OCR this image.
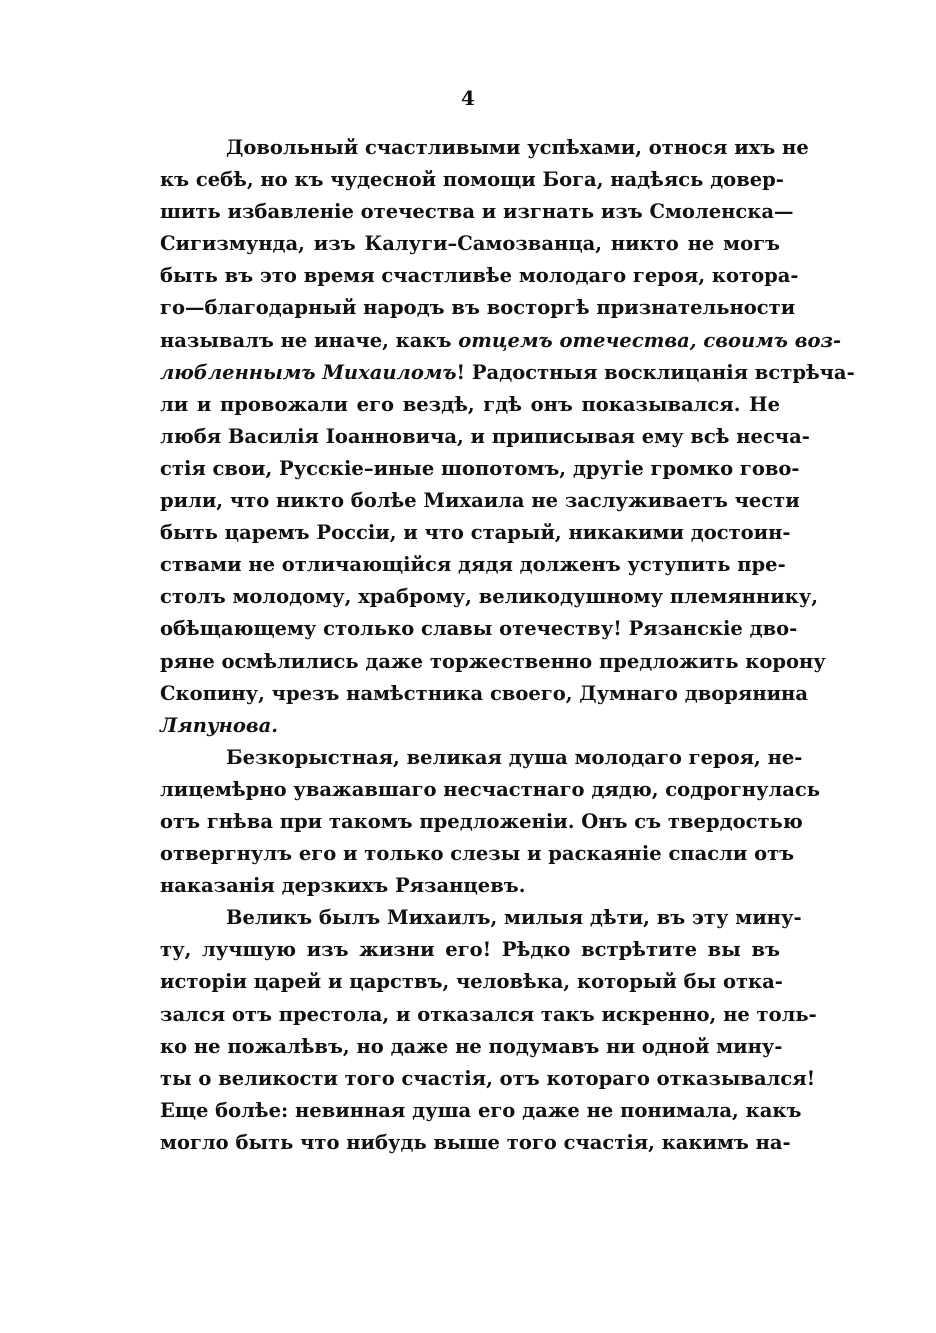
4
Довольный счастливыми успѣхами, относя ихъ не
къ себѣ, но къ чудесной помощи Бога, надѣясь довер-
шить избавленіе отечества и изгнать изъ Смоленска—
Сигизмунда, изъ Калуги–Самозванца, никто не могъ
быть въ это время счастливѣе молодаго героя, котора-
го—благодарный народъ въ восторгѣ признательности
называлъ не иначе, какъ отцемъ отечества, своимъ воз-
любленнымъ Михаиломъ! Радостныя восклицанія встрѣча-
ли и провожали его вездѣ, гдѣ онъ показывался. Не
любя Василія Іоанновича, и приписывая ему всѣ несча-
стія свои, Русскіе–иные шопотомъ, другіе громко гово-
рили, что никто болѣе Михаила не заслуживаетъ чести
быть царемъ Россіи, и что старый, никакими достоин-
ствами не отличающійся дядя долженъ уступить пре-
столъ молодому, храброму, великодушному племяннику,
обѣщающему столько славы отечеству! Рязанскіе дво-
ряне осмѣлились даже торжественно предложить корону
Скопину, чрезъ намѣстника своего, Думнаго дворянина
Ляпунова.
Безкорыстная, великая душа молодаго героя, не-
лицемѣрно уважавшаго несчастнаго дядю, содрогнулась
отъ гнѣва при такомъ предложеніи. Онъ съ твердостью
отвергнулъ его и только слезы и раскаяніе спасли отъ
наказанія дерзкихъ Рязанцевъ.
Великъ былъ Михаилъ, милыя дѣти, въ эту мину-
ту, лучшую изъ жизни его! Рѣдко встрѣтите вы въ
исторіи царей и царствъ, человѣка, который бы отка-
зался отъ престола, и отказался такъ искренно, не толь-
ко не пожалѣвъ, но даже не подумавъ ни одной мину-
ты о великости того счастія, отъ котораго отказывался!
Еще болѣе: невинная душа его даже не понимала, какъ
могло быть что нибудь выше того счастія, какимъ на-
